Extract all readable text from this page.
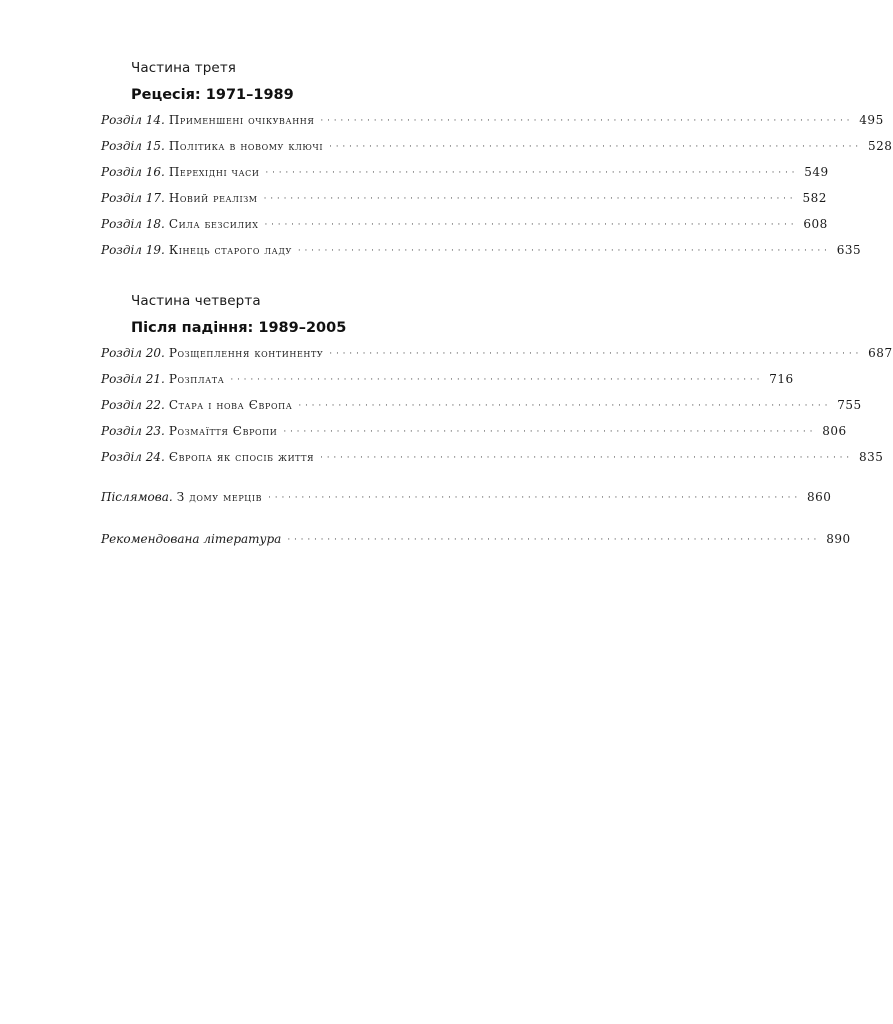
Частина третя
Рецесія: 1971–1989
Розділ 14. Применшені очікування ················································································ 495
Розділ 15. Політика в новому ключі ················································································ 528
Розділ 16. Перехідні часи ················································································ 549
Розділ 17. Новий реалізм ················································································ 582
Розділ 18. Сила безсилих ················································································ 608
Розділ 19. Кінець старого ладу ················································································ 635
Частина четверта
Після падіння: 1989–2005
Розділ 20. Розщеплення континенту ················································································ 687
Розділ 21. Розплата ················································································ 716
Розділ 22. Стара і нова Європа ················································································ 755
Розділ 23. Розмаїття Європи ················································································ 806
Розділ 24. Європа як спосіб життя ················································································ 835
Післямова. З дому мерців ················································································ 860
Рекомендована література ················································································ 890
